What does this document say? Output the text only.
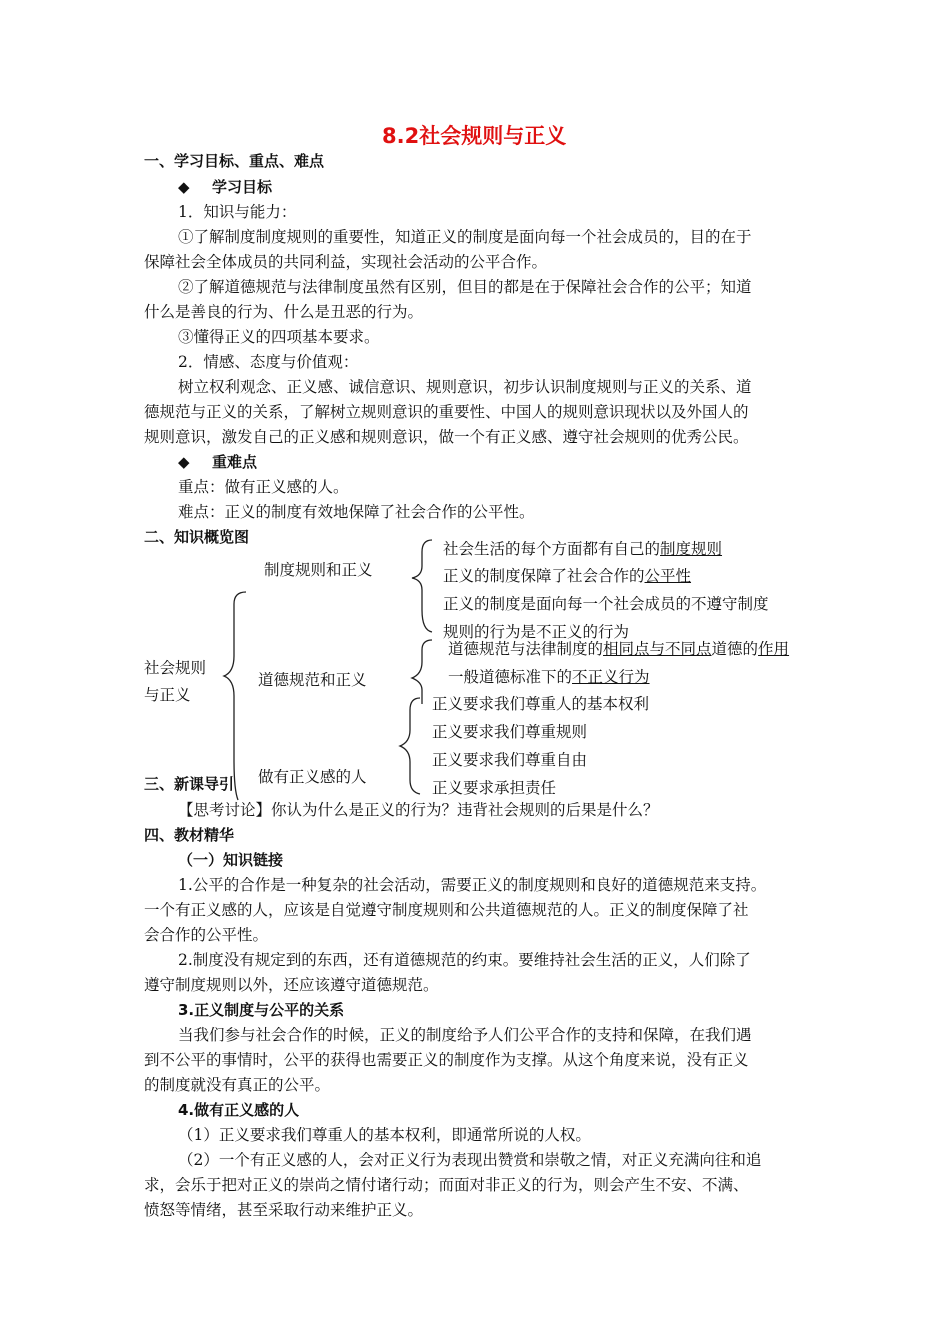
8.2社会规则与正义
一、学习目标、重点、难点
◆ 学习目标
1．知识与能力：
①了解制度制度规则的重要性，知道正义的制度是面向每一个社会成员的，目的在于
保障社会全体成员的共同利益，实现社会活动的公平合作。
②了解道德规范与法律制度虽然有区别，但目的都是在于保障社会合作的公平；知道
什么是善良的行为、什么是丑恶的行为。
③懂得正义的四项基本要求。
2．情感、态度与价值观：
树立权利观念、正义感、诚信意识、规则意识，初步认识制度规则与正义的关系、道
德规范与正义的关系，了解树立规则意识的重要性、中国人的规则意识现状以及外国人的
规则意识，激发自己的正义感和规则意识，做一个有正义感、遵守社会规则的优秀公民。
◆ 重难点
重点：做有正义感的人。
难点：正义的制度有效地保障了社会合作的公平性。
二、知识概览图
社会规则
与正义
制度规则和正义
社会生活的每个方面都有自己的制度规则
正义的制度保障了社会合作的公平性
正义的制度是面向每一个社会成员的不遵守制度
规则的行为是不正义的行为
道德规范和正义
道德规范与法律制度的相同点与不同点道德的作用
一般道德标准下的不正义行为
做有正义感的人
正义要求我们尊重人的基本权利
正义要求我们尊重规则
正义要求我们尊重自由
正义要求承担责任
三、新课导引
【思考讨论】你认为什么是正义的行为？违背社会规则的后果是什么？
四、教材精华
（一）知识链接
1.公平的合作是一种复杂的社会活动，需要正义的制度规则和良好的道德规范来支持。
一个有正义感的人，应该是自觉遵守制度规则和公共道德规范的人。正义的制度保障了社
会合作的公平性。
2.制度没有规定到的东西，还有道德规范的约束。要维持社会生活的正义，人们除了
遵守制度规则以外，还应该遵守道德规范。
3.正义制度与公平的关系
当我们参与社会合作的时候，正义的制度给予人们公平合作的支持和保障，在我们遇
到不公平的事情时，公平的获得也需要正义的制度作为支撑。从这个角度来说，没有正义
的制度就没有真正的公平。
4.做有正义感的人
（1）正义要求我们尊重人的基本权利，即通常所说的人权。
（2）一个有正义感的人，会对正义行为表现出赞赏和崇敬之情，对正义充满向往和追
求，会乐于把对正义的崇尚之情付诸行动；而面对非正义的行为，则会产生不安、不满、
愤怒等情绪，甚至采取行动来维护正义。
